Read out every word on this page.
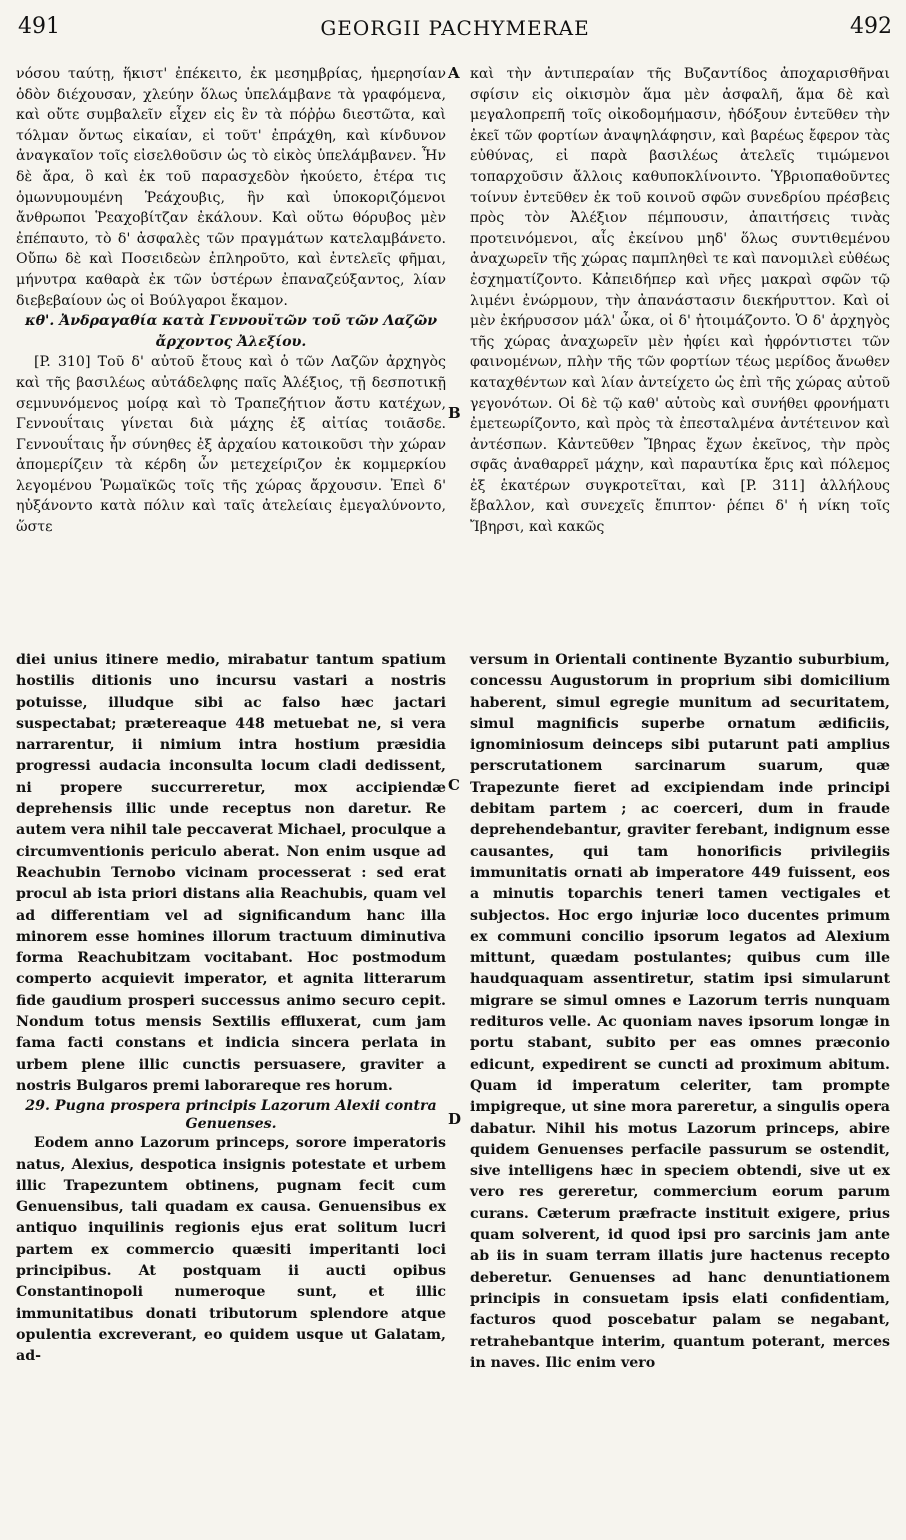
491	GEORGII PACHYMERAE	492

νόσου ταύτῃ, ἥκιστ' ἐπέκειτο, ἐκ μεσημβρίας, ἡμερησίαν ὁδὸν διέχουσαν, χλεύην ὅλως ὑπελάμβανε τὰ γραφόμενα, καὶ οὔτε συμβαλεῖν εἶχεν εἰς ἓν τὰ πόῤῥω διεστῶτα, καὶ τόλμαν ὄντως εἰκαίαν, εἰ τοῦτ' ἐπράχθη, καὶ κίνδυνον ἀναγκαῖον τοῖς εἰσελθοῦσιν ὡς τὸ εἰκὸς ὑπελάμβανεν. Ἦν δὲ ἄρα, ὃ καὶ ἐκ τοῦ παρασχεδὸν ἠκούετο, ἑτέρα τις ὁμωνυμουμένη Ῥεάχουβις, ἣν καὶ ὑποκοριζόμενοι ἄνθρωποι Ῥεαχοβίτζαν ἐκάλουν. Καὶ οὕτω θόρυβος μὲν ἐπέπαυτο, τὸ δ' ἀσφαλὲς τῶν πραγμάτων κατελαμβάνετο. Οὔπω δὲ καὶ Ποσειδεὼν ἐπληροῦτο, καὶ ἐντελεῖς φῆμαι, μήνυτρα καθαρὰ ἐκ τῶν ὑστέρων ἐπαναζεύξαντος, λίαν διεβεβαίουν ὡς οἱ Βούλγαροι ἔκαμον.

κθ'. Ἀνδραγαθία κατὰ Γεννουϊτῶν τοῦ τῶν Λαζῶν ἄρχοντος Ἀλεξίου.

[P. 310] Τοῦ δ' αὐτοῦ ἔτους καὶ ὁ τῶν Λαζῶν ἀρχηγὸς καὶ τῆς βασιλέως αὐτάδελφης παῖς Ἀλέξιος, τῇ δεσποτικῇ σεμνυνόμενος μοίρᾳ καὶ τὸ Τραπεζήτιον ἄστυ κατέχων, Γεννουΐταις γίνεται διὰ μάχης ἐξ αἰτίας τοιᾶσδε. Γεννουΐταις ἦν σύνηθες ἐξ ἀρχαίου κατοικοῦσι τὴν χώραν ἀπομερίζειν τὰ κέρδη ὧν μετεχείριζον ἐκ κομμερκίου λεγομένου Ῥωμαϊκῶς τοῖς τῆς χώρας ἄρχουσιν. Ἐπεὶ δ' ηὐξάνοντο κατὰ πόλιν καὶ ταῖς ἀτελείαις ἐμεγαλύνοντο, ὥστε

καὶ τὴν ἀντιπεραίαν τῆς Βυζαντίδος ἀποχαρισθῆναι σφίσιν εἰς οἰκισμὸν ἅμα μὲν ἀσφαλῆ, ἅμα δὲ καὶ μεγαλοπρεπῆ τοῖς οἰκοδομήμασιν, ἠδόξουν ἐντεῦθεν τὴν ἐκεῖ τῶν φορτίων ἀναψηλάφησιν, καὶ βαρέως ἔφερον τὰς εὐθύνας, εἰ παρὰ βασιλέως ἀτελεῖς τιμώμενοι τοπαρχοῦσιν ἄλλοις καθυποκλίνοιντο. Ὑβριοπαθοῦντες τοίνυν ἐντεῦθεν ἐκ τοῦ κοινοῦ σφῶν συνεδρίου πρέσβεις πρὸς τὸν Ἀλέξιον πέμπουσιν, ἀπαιτήσεις τινὰς προτεινόμενοι, αἷς ἐκείνου μηδ' ὅλως συντιθεμένου ἀναχωρεῖν τῆς χώρας παμπληθεὶ τε καὶ πανομιλεὶ εὐθέως ἐσχηματίζοντο. Κἀπειδήπερ καὶ νῆες μακραὶ σφῶν τῷ λιμένι ἐνώρμουν, τὴν ἀπανάστασιν διεκήρυττον. Καὶ οἱ μὲν ἐκήρυσσον μάλ' ὦκα, οἱ δ' ἠτοιμάζοντο. Ὁ δ' ἀρχηγὸς τῆς χώρας ἀναχωρεῖν μὲν ἠφίει καὶ ἠφρόντιστει τῶν φαινομένων, πλὴν τῆς τῶν φορτίων τέως μερίδος ἄνωθεν καταχθέντων καὶ λίαν ἀντείχετο ὡς ἐπὶ τῆς χώρας αὐτοῦ γεγονότων. Οἱ δὲ τῷ καθ' αὑτοὺς καὶ συνήθει φρονήματι ἐμετεωρίζοντο, καὶ πρὸς τὰ ἐπεσταλμένα ἀντέτεινον καὶ ἀντέσπων. Κἀντεῦθεν Ἴβηρας ἔχων ἐκεῖνος, τὴν πρὸς σφᾶς ἀναθαρρεῖ μάχην, καὶ παραυτίκα ἔρις καὶ πόλεμος ἐξ ἑκατέρων συγκροτεῖται, καὶ [P. 311] ἀλλήλους ἔβαλλον, καὶ συνεχεῖς ἔπιπτον· ῥέπει δ' ἡ νίκη τοῖς Ἴβηρσι, καὶ κακῶς

A
B
C
D

diei unius itinere medio, mirabatur tantum spatium hostilis ditionis uno incursu vastari a nostris potuisse, illudque sibi ac falso hæc jactari suspectabat; prætereaque 448 metuebat ne, si vera narrarentur, ii nimium intra hostium præsidia progressi audacia inconsulta locum cladi dedissent, ni propere succurreretur, mox accipiendæ deprehensis illic unde receptus non daretur. Re autem vera nihil tale peccaverat Michael, proculque a circumventionis periculo aberat. Non enim usque ad Reachubin Ternobo vicinam processerat : sed erat procul ab ista priori distans alia Reachubis, quam vel ad differentiam vel ad significandum hanc illa minorem esse homines illorum tractuum diminutiva forma Reachubitzam vocitabant. Hoc postmodum comperto acquievit imperator, et agnita litterarum fide gaudium prosperi successus animo securo cepit. Nondum totus mensis Sextilis effluxerat, cum jam fama facti constans et indicia sincera perlata in urbem plene illic cunctis persuasere, graviter a nostris Bulgaros premi laborareque res horum.

29. Pugna prospera principis Lazorum Alexii contra Genuenses.

Eodem anno Lazorum princeps, sorore imperatoris natus, Alexius, despotica insignis potestate et urbem illic Trapezuntem obtinens, pugnam fecit cum Genuensibus, tali quadam ex causa. Genuensibus ex antiquo inquilinis regionis ejus erat solitum lucri partem ex commercio quæsiti imperitanti loci principibus. At postquam ii aucti opibus Constantinopoli numeroque sunt, et illic immunitatibus donati tributorum splendore atque opulentia excreverant, eo quidem usque ut Galatam, ad-

versum in Orientali continente Byzantio suburbium, concessu Augustorum in proprium sibi domicilium haberent, simul egregie munitum ad securitatem, simul magnificis superbe ornatum ædificiis, ignominiosum deinceps sibi putarunt pati amplius perscrutationem sarcinarum suarum, quæ Trapezunte fieret ad excipiendam inde principi debitam partem ; ac coerceri, dum in fraude deprehendebantur, graviter ferebant, indignum esse causantes, qui tam honorificis privilegiis immunitatis ornati ab imperatore 449 fuissent, eos a minutis toparchis teneri tamen vectigales et subjectos. Hoc ergo injuriæ loco ducentes primum ex communi concilio ipsorum legatos ad Alexium mittunt, quædam postulantes; quibus cum ille haudquaquam assentiretur, statim ipsi simularunt migrare se simul omnes e Lazorum terris nunquam redituros velle. Ac quoniam naves ipsorum longæ in portu stabant, subito per eas omnes præconio edicunt, expedirent se cuncti ad proximum abitum. Quam id imperatum celeriter, tam prompte impigreque, ut sine mora pareretur, a singulis opera dabatur. Nihil his motus Lazorum princeps, abire quidem Genuenses perfacile passurum se ostendit, sive intelligens hæc in speciem obtendi, sive ut ex vero res gereretur, commercium eorum parum curans. Cæterum præfracte instituit exigere, prius quam solverent, id quod ipsi pro sarcinis jam ante ab iis in suam terram illatis jure hactenus recepto deberetur. Genuenses ad hanc denuntiationem principis in consuetam ipsis elati confidentiam, facturos quod poscebatur palam se negabant, retrahebantque interim, quantum poterant, merces in naves. Ilic enim vero
